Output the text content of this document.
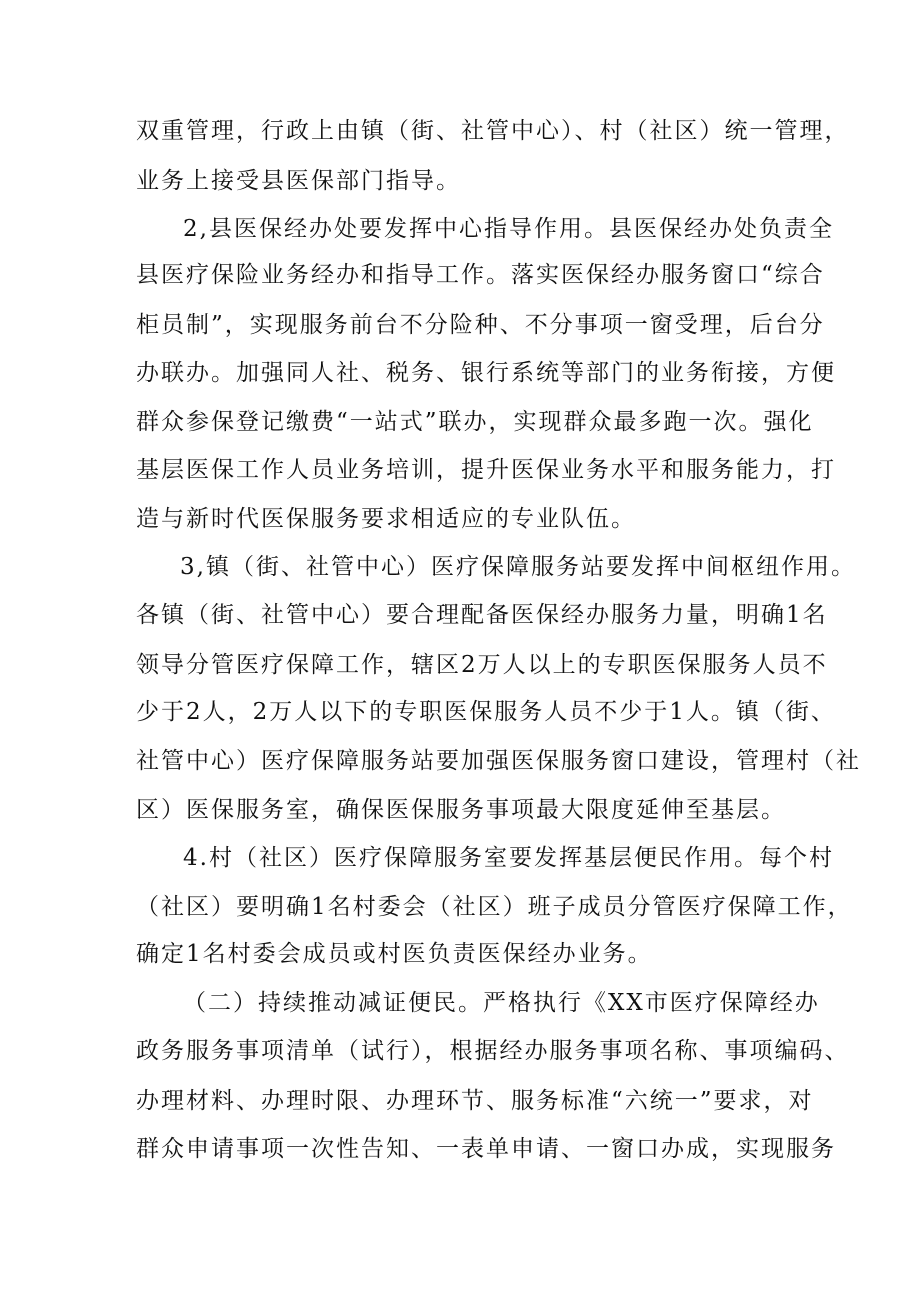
双重管理，行政上由镇（街、社管中心）、村（社区）统一管理，

业务上接受县医保部门指导。

2,县医保经办处要发挥中心指导作用。县医保经办处负责全

县医疗保险业务经办和指导工作。落实医保经办服务窗口“综合

柜员制”，实现服务前台不分险种、不分事项一窗受理，后台分

办联办。加强同人社、税务、银行系统等部门的业务衔接，方便

群众参保登记缴费“一站式”联办，实现群众最多跑一次。强化

基层医保工作人员业务培训，提升医保业务水平和服务能力，打

造与新时代医保服务要求相适应的专业队伍。

3,镇（街、社管中心）医疗保障服务站要发挥中间枢纽作用。

各镇（街、社管中心）要合理配备医保经办服务力量，明确1名

领导分管医疗保障工作，辖区2万人以上的专职医保服务人员不

少于2人，2万人以下的专职医保服务人员不少于1人。镇（街、

社管中心）医疗保障服务站要加强医保服务窗口建设，管理村（社

区）医保服务室，确保医保服务事项最大限度延伸至基层。

4.村（社区）医疗保障服务室要发挥基层便民作用。每个村

（社区）要明确1名村委会（社区）班子成员分管医疗保障工作，

确定1名村委会成员或村医负责医保经办业务。

（二）持续推动减证便民。严格执行《XX市医疗保障经办

政务服务事项清单（试行），根据经办服务事项名称、事项编码、

办理材料、办理时限、办理环节、服务标准“六统一”要求，对

群众申请事项一次性告知、一表单申请、一窗口办成，实现服务
